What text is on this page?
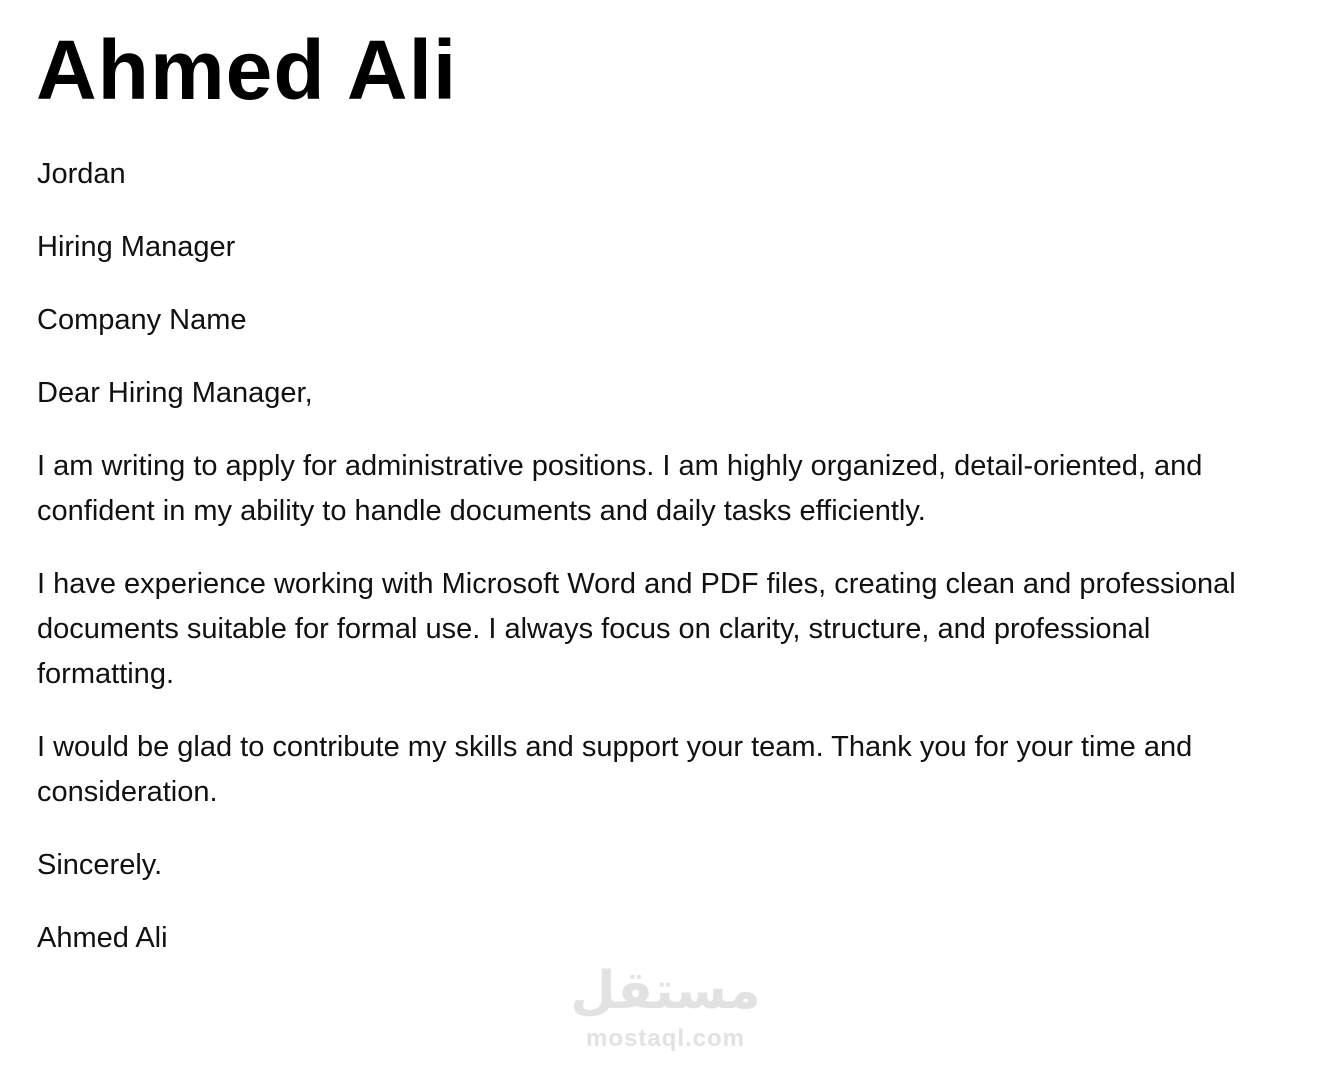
Ahmed Ali

Jordan

Hiring Manager

Company Name

Dear Hiring Manager,

I am writing to apply for administrative positions. I am highly organized, detail-oriented, and
confident in my ability to handle documents and daily tasks efficiently.

I have experience working with Microsoft Word and PDF files, creating clean and professional
documents suitable for formal use. I always focus on clarity, structure, and professional
formatting.

I would be glad to contribute my skills and support your team. Thank you for your time and
consideration.

Sincerely.

Ahmed Ali

مستقل
mostaql.com
